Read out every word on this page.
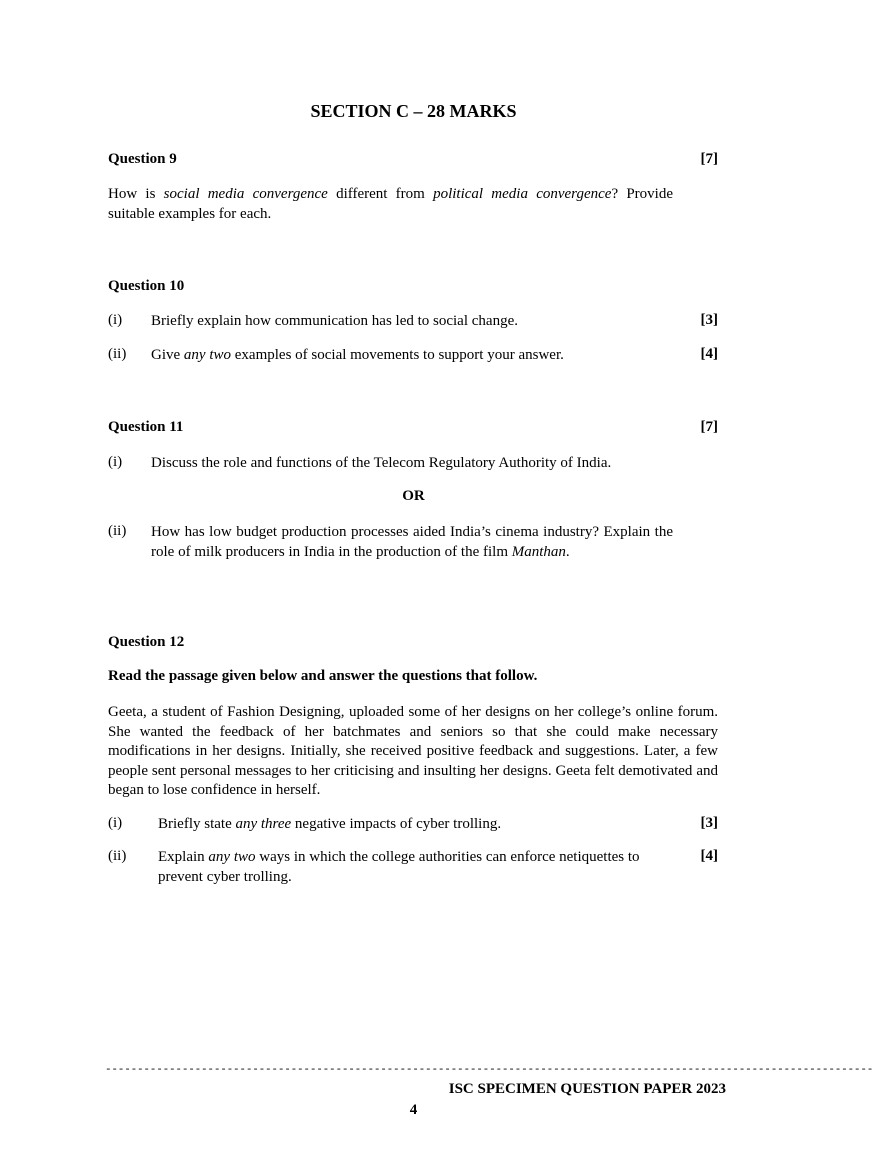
SECTION C – 28 MARKS
Question 9	[7]
How is social media convergence different from political media convergence? Provide suitable examples for each.
Question 10
(i) Briefly explain how communication has led to social change.	[3]
(ii) Give any two examples of social movements to support your answer.	[4]
Question 11	[7]
(i) Discuss the role and functions of the Telecom Regulatory Authority of India.
OR
(ii) How has low budget production processes aided India’s cinema industry? Explain the role of milk producers in India in the production of the film Manthan.
Question 12
Read the passage given below and answer the questions that follow.
Geeta, a student of Fashion Designing, uploaded some of her designs on her college’s online forum. She wanted the feedback of her batchmates and seniors so that she could make necessary modifications in her designs. Initially, she received positive feedback and suggestions. Later, a few people sent personal messages to her criticising and insulting her designs. Geeta felt demotivated and began to lose confidence in herself.
(i) Briefly state any three negative impacts of cyber trolling.	[3]
(ii) Explain any two ways in which the college authorities can enforce netiquettes to prevent cyber trolling.
[4]
------------------------------------------------------------------------------------------------------------------------
ISC SPECIMEN QUESTION PAPER 2023
4
